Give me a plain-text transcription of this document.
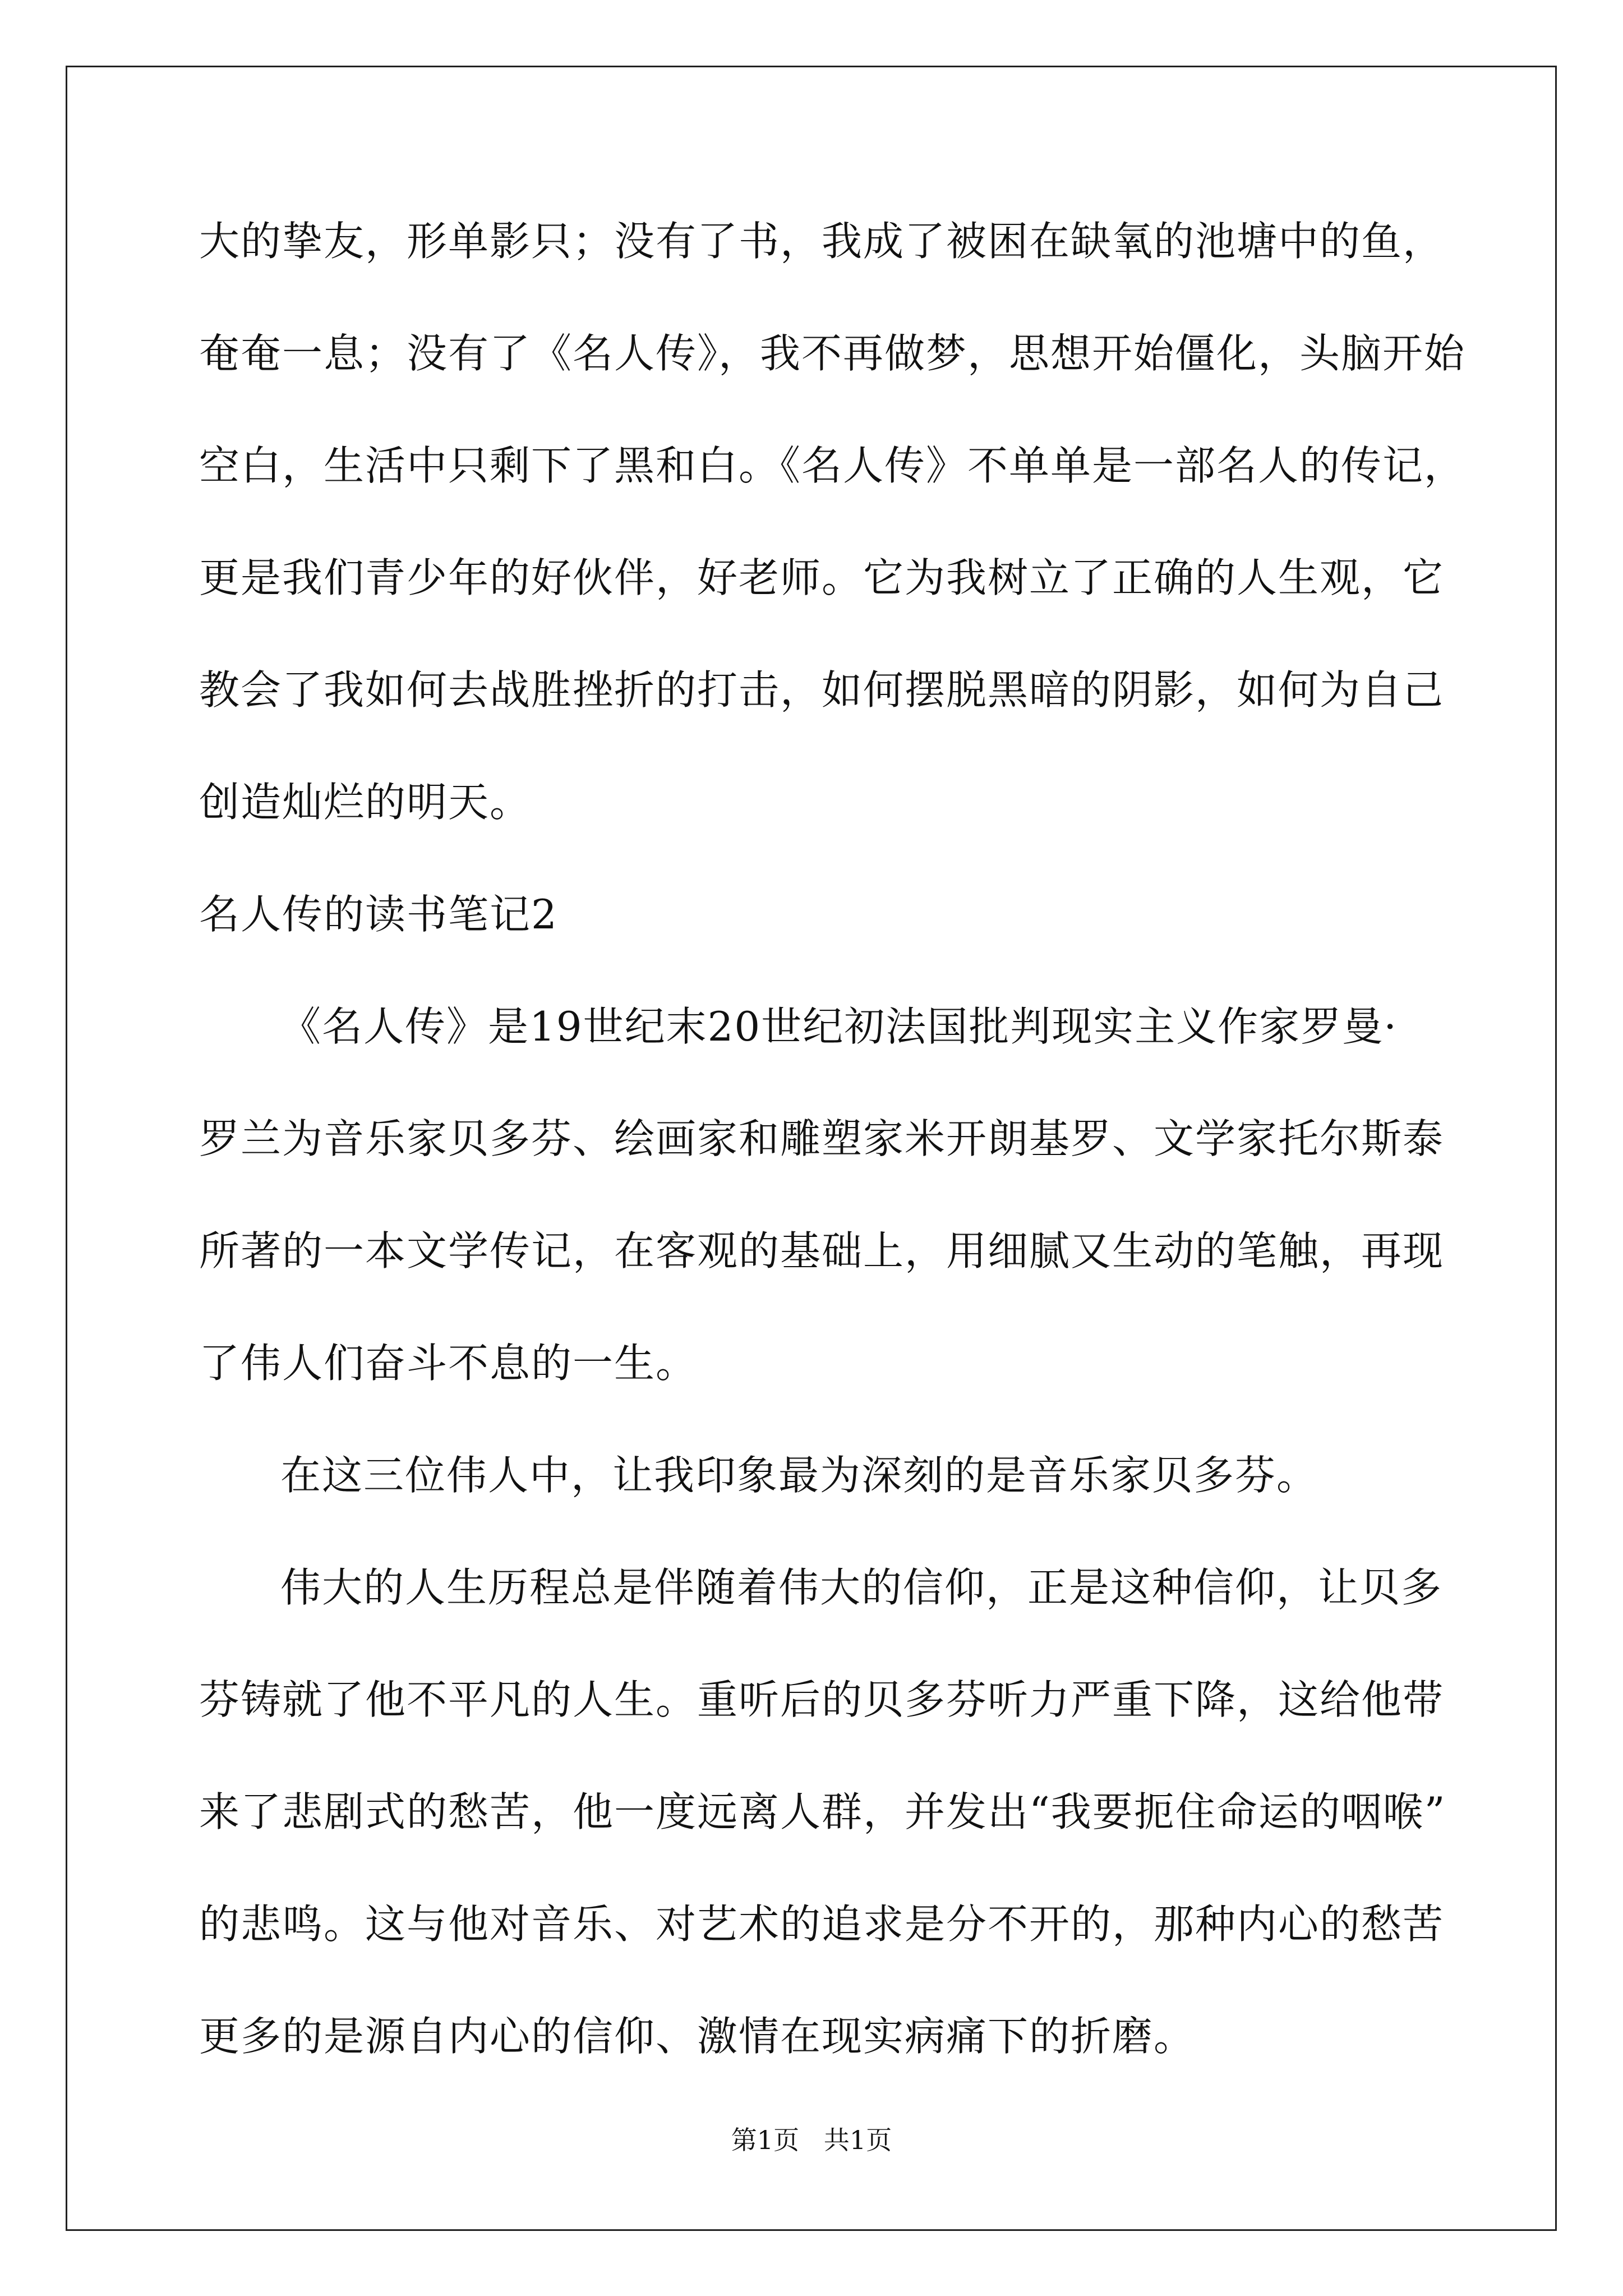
大的挚友，形单影只；没有了书，我成了被困在缺氧的池塘中的鱼，
奄奄一息；没有了《名人传》，我不再做梦，思想开始僵化，头脑开始
空白，生活中只剩下了黑和白。《名人传》不单单是一部名人的传记，
更是我们青少年的好伙伴，好老师。它为我树立了正确的人生观，它
教会了我如何去战胜挫折的打击，如何摆脱黑暗的阴影，如何为自己
创造灿烂的明天。
名人传的读书笔记2
《名人传》是19世纪末20世纪初法国批判现实主义作家罗曼·
罗兰为音乐家贝多芬、绘画家和雕塑家米开朗基罗、文学家托尔斯泰
所著的一本文学传记，在客观的基础上，用细腻又生动的笔触，再现
了伟人们奋斗不息的一生。
在这三位伟人中，让我印象最为深刻的是音乐家贝多芬。
伟大的人生历程总是伴随着伟大的信仰，正是这种信仰，让贝多
芬铸就了他不平凡的人生。重听后的贝多芬听力严重下降，这给他带
来了悲剧式的愁苦，他一度远离人群，并发出“我要扼住命运的咽喉”
的悲鸣。这与他对音乐、对艺术的追求是分不开的，那种内心的愁苦
更多的是源自内心的信仰、激情在现实病痛下的折磨。
第1页   共1页
